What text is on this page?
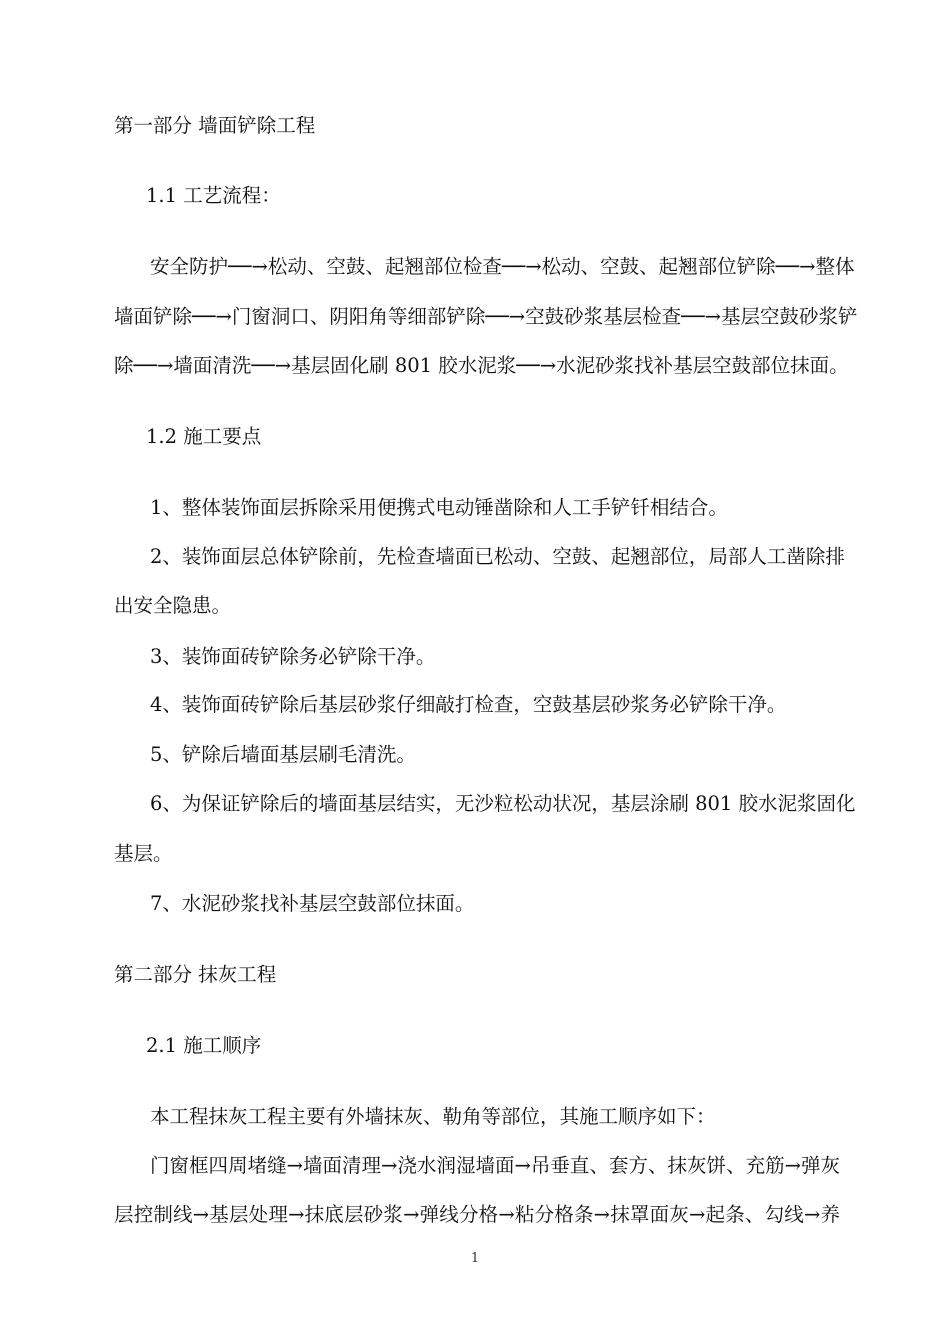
第一部分 墙面铲除工程
1.1 工艺流程：
安全防护──→松动、空鼓、起翘部位检查──→松动、空鼓、起翘部位铲除──→整体
墙面铲除──→门窗洞口、阴阳角等细部铲除──→空鼓砂浆基层检查──→基层空鼓砂浆铲
除──→墙面清洗──→基层固化刷 801 胶水泥浆──→水泥砂浆找补基层空鼓部位抹面。
1.2 施工要点
1、整体装饰面层拆除采用便携式电动锤凿除和人工手铲钎相结合。
2、装饰面层总体铲除前，先检查墙面已松动、空鼓、起翘部位，局部人工凿除排
出安全隐患。
3、装饰面砖铲除务必铲除干净。
4、装饰面砖铲除后基层砂浆仔细敲打检查，空鼓基层砂浆务必铲除干净。
5、铲除后墙面基层刷毛清洗。
6、为保证铲除后的墙面基层结实，无沙粒松动状况，基层涂刷 801 胶水泥浆固化
基层。
7、水泥砂浆找补基层空鼓部位抹面。
第二部分 抹灰工程
2.1 施工顺序
本工程抹灰工程主要有外墙抹灰、勒角等部位，其施工顺序如下：
门窗框四周堵缝→墙面清理→浇水润湿墙面→吊垂直、套方、抹灰饼、充筋→弹灰
层控制线→基层处理→抹底层砂浆→弹线分格→粘分格条→抹罩面灰→起条、勾线→养
1
